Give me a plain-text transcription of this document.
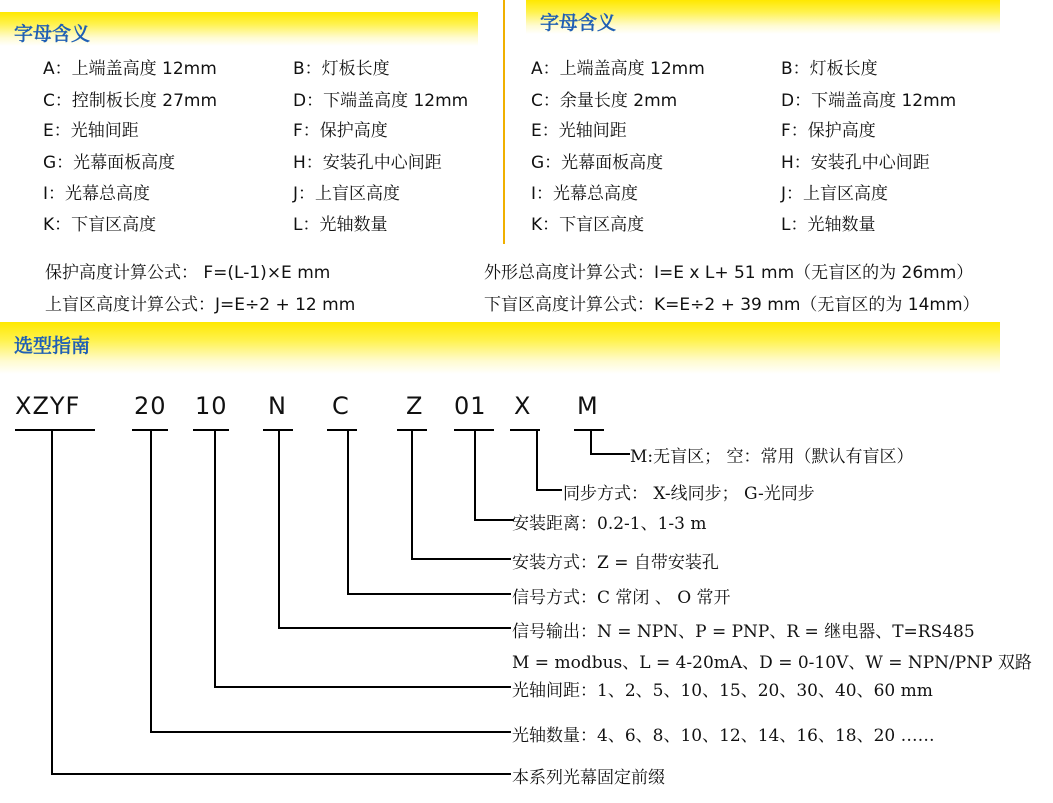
字母含义	字母含义
A：上端盖高度 12mm	B：灯板长度
C：控制板长度 27mm	D：下端盖高度 12mm
E：光轴间距	F：保护高度
G：光幕面板高度	H：安装孔中心间距
I：光幕总高度	J：上盲区高度
K：下盲区高度	L：光轴数量
A：上端盖高度 12mm	B：灯板长度
C：余量长度 2mm	D：下端盖高度 12mm
E：光轴间距	F：保护高度
G：光幕面板高度	H：安装孔中心间距
I：光幕总高度	J：上盲区高度
K：下盲区高度	L：光轴数量
保护高度计算公式： F=(L-1)×E mm	外形总高度计算公式：I=E x L+ 51 mm（无盲区的为 26mm）
上盲区高度计算公式：J=E÷2 + 12 mm	下盲区高度计算公式：K=E÷2 + 39 mm（无盲区的为 14mm）
选型指南
XZYF 20 10 N C Z 01 X M
M:无盲区； 空：常用（默认有盲区）
同步方式： X-线同步； G-光同步
安装距离：0.2-1、1-3 m
安装方式：Z = 自带安装孔
信号方式：C 常闭 、 O 常开
信号输出：N = NPN、P = PNP、R = 继电器、T=RS485
M = modbus、L = 4-20mA、D = 0-10V、W = NPN/PNP 双路
光轴间距：1、2、5、10、15、20、30、40、60 mm
光轴数量：4、6、8、10、12、14、16、18、20 ……
本系列光幕固定前缀
